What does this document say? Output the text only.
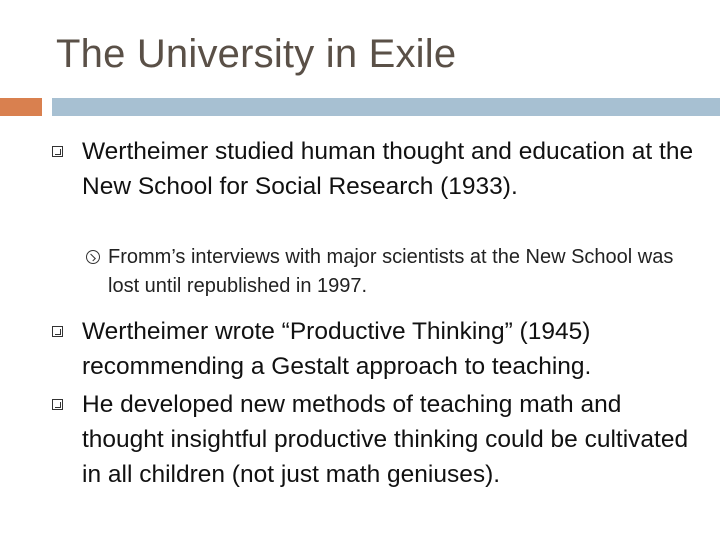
The University in Exile
Wertheimer studied human thought and education at the New School for Social Research (1933).
Fromm’s interviews with major scientists at the New School was lost until republished in 1997.
Wertheimer wrote “Productive Thinking” (1945) recommending a Gestalt approach to teaching.
He developed new methods of teaching math and thought insightful productive thinking could be cultivated in all children (not just math geniuses).
